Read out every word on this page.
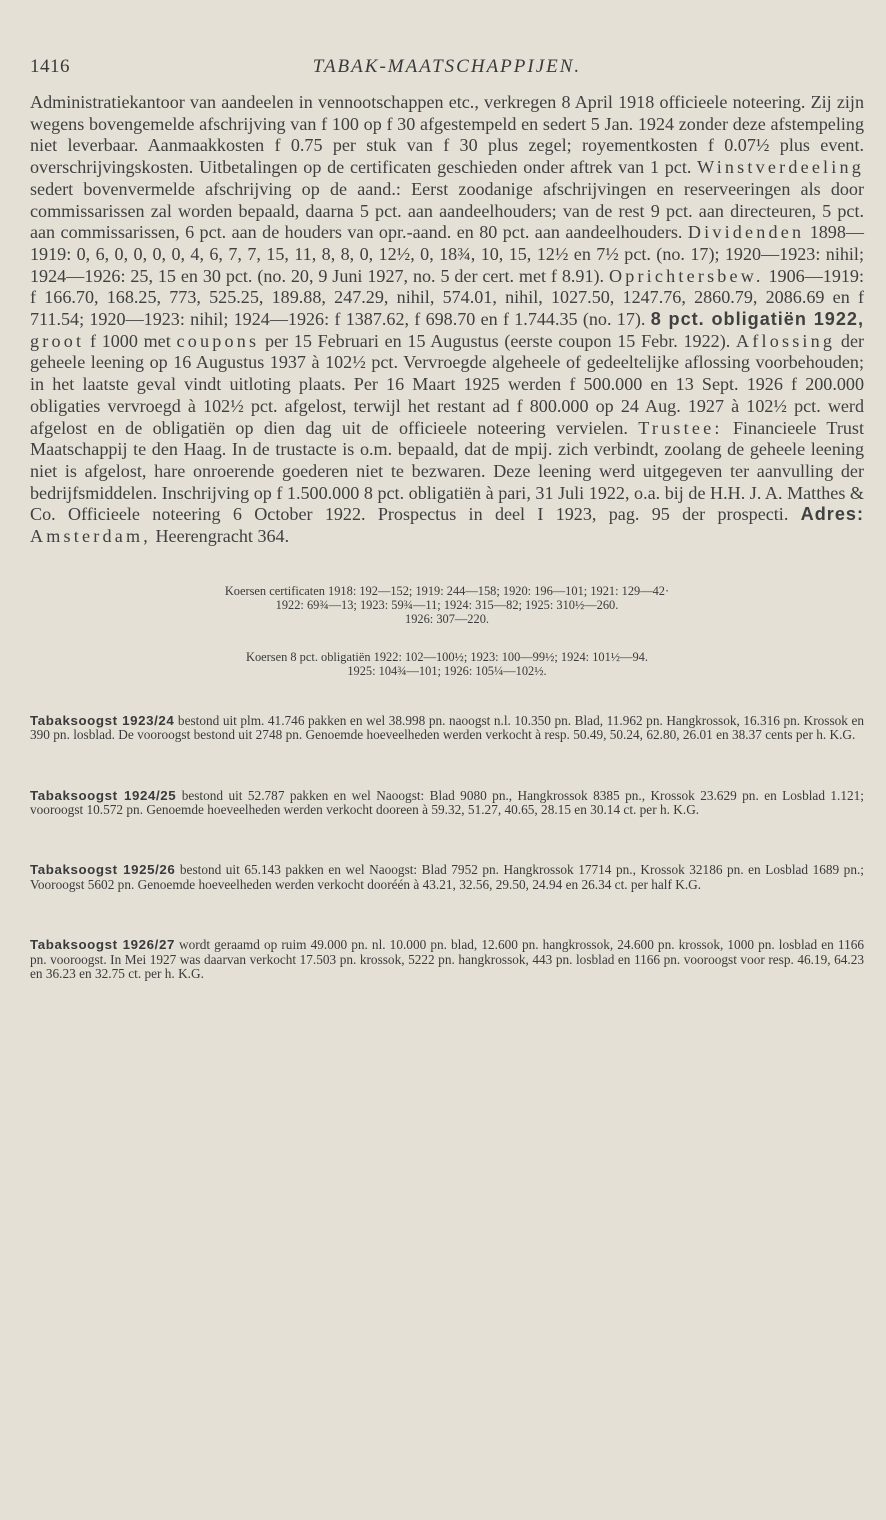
1416	TABAK-MAATSCHAPPIJEN.

Administratiekantoor van aandeelen in vennootschappen etc., verkregen 8 April 1918 officieele noteering. Zij zijn wegens bovengemelde afschrijving van f 100 op f 30 afgestempeld en sedert 5 Jan. 1924 zonder deze afstempeling niet leverbaar. Aanmaakkosten f 0.75 per stuk van f 30 plus zegel; royementkosten f 0.07½ plus event. overschrijvingskosten. Uitbetalingen op de certificaten geschieden onder aftrek van 1 pct. Winstverdeeling sedert bovenvermelde afschrijving op de aand.: Eerst zoodanige afschrijvingen en reserveeringen als door commissarissen zal worden bepaald, daarna 5 pct. aan aandeelhouders; van de rest 9 pct. aan directeuren, 5 pct. aan commissarissen, 6 pct. aan de houders van opr.-aand. en 80 pct. aan aandeelhouders. Dividenden 1898—1919: 0, 6, 0, 0, 0, 0, 4, 6, 7, 7, 15, 11, 8, 8, 0, 12½, 0, 18¾, 10, 15, 12½ en 7½ pct. (no. 17); 1920—1923: nihil; 1924—1926: 25, 15 en 30 pct. (no. 20, 9 Juni 1927, no. 5 der cert. met f 8.91). Oprichtersbew. 1906—1919: f 166.70, 168.25, 773, 525.25, 189.88, 247.29, nihil, 574.01, nihil, 1027.50, 1247.76, 2860.79, 2086.69 en f 711.54; 1920—1923: nihil; 1924—1926: f 1387.62, f 698.70 en f 1.744.35 (no. 17). 8 pct. obligatiën 1922, groot f 1000 met coupons per 15 Februari en 15 Augustus (eerste coupon 15 Febr. 1922). Aflossing der geheele leening op 16 Augustus 1937 à 102½ pct. Vervroegde algeheele of gedeeltelijke aflossing voorbehouden; in het laatste geval vindt uitloting plaats. Per 16 Maart 1925 werden f 500.000 en 13 Sept. 1926 f 200.000 obligaties vervroegd à 102½ pct. afgelost, terwijl het restant ad f 800.000 op 24 Aug. 1927 à 102½ pct. werd afgelost en de obligatiën op dien dag uit de officieele noteering vervielen. Trustee: Financieele Trust Maatschappij te den Haag. In de trustacte is o.m. bepaald, dat de mpij. zich verbindt, zoolang de geheele leening niet is afgelost, hare onroerende goederen niet te bezwaren. Deze leening werd uitgegeven ter aanvulling der bedrijfsmiddelen. Inschrijving op f 1.500.000 8 pct. obligatiën à pari, 31 Juli 1922, o.a. bij de H.H. J. A. Matthes & Co. Officieele noteering 6 October 1922. Prospectus in deel I 1923, pag. 95 der prospecti. Adres: Amsterdam, Heerengracht 364.

Koersen certificaten 1918: 192—152; 1919: 244—158; 1920: 196—101; 1921: 129—42·
1922: 69¾—13; 1923: 59¾—11; 1924: 315—82; 1925: 310½—260.
1926: 307—220.

Koersen 8 pct. obligatiën 1922: 102—100½; 1923: 100—99½; 1924: 101½—94.
1925: 104¾—101; 1926: 105¼—102½.

Tabaksoogst 1923/24 bestond uit plm. 41.746 pakken en wel 38.998 pn. naoogst n.l. 10.350 pn. Blad, 11.962 pn. Hangkrossok, 16.316 pn. Krossok en 390 pn. losblad. De vooroogst bestond uit 2748 pn. Genoemde hoeveelheden werden verkocht à resp. 50.49, 50.24, 62.80, 26.01 en 38.37 cents per h. K.G.

Tabaksoogst 1924/25 bestond uit 52.787 pakken en wel Naoogst: Blad 9080 pn., Hangkrossok 8385 pn., Krossok 23.629 pn. en Losblad 1.121; vooroogst 10.572 pn. Genoemde hoeveelheden werden verkocht dooreen à 59.32, 51.27, 40.65, 28.15 en 30.14 ct. per h. K.G.

Tabaksoogst 1925/26 bestond uit 65.143 pakken en wel Naoogst: Blad 7952 pn. Hangkrossok 17714 pn., Krossok 32186 pn. en Losblad 1689 pn.; Vooroogst 5602 pn. Genoemde hoeveelheden werden verkocht dooréén à 43.21, 32.56, 29.50, 24.94 en 26.34 ct. per half K.G.

Tabaksoogst 1926/27 wordt geraamd op ruim 49.000 pn. nl. 10.000 pn. blad, 12.600 pn. hangkrossok, 24.600 pn. krossok, 1000 pn. losblad en 1166 pn. vooroogst. In Mei 1927 was daarvan verkocht 17.503 pn. krossok, 5222 pn. hangkrossok, 443 pn. losblad en 1166 pn. vooroogst voor resp. 46.19, 64.23 en 36.23 en 32.75 ct. per h. K.G.
